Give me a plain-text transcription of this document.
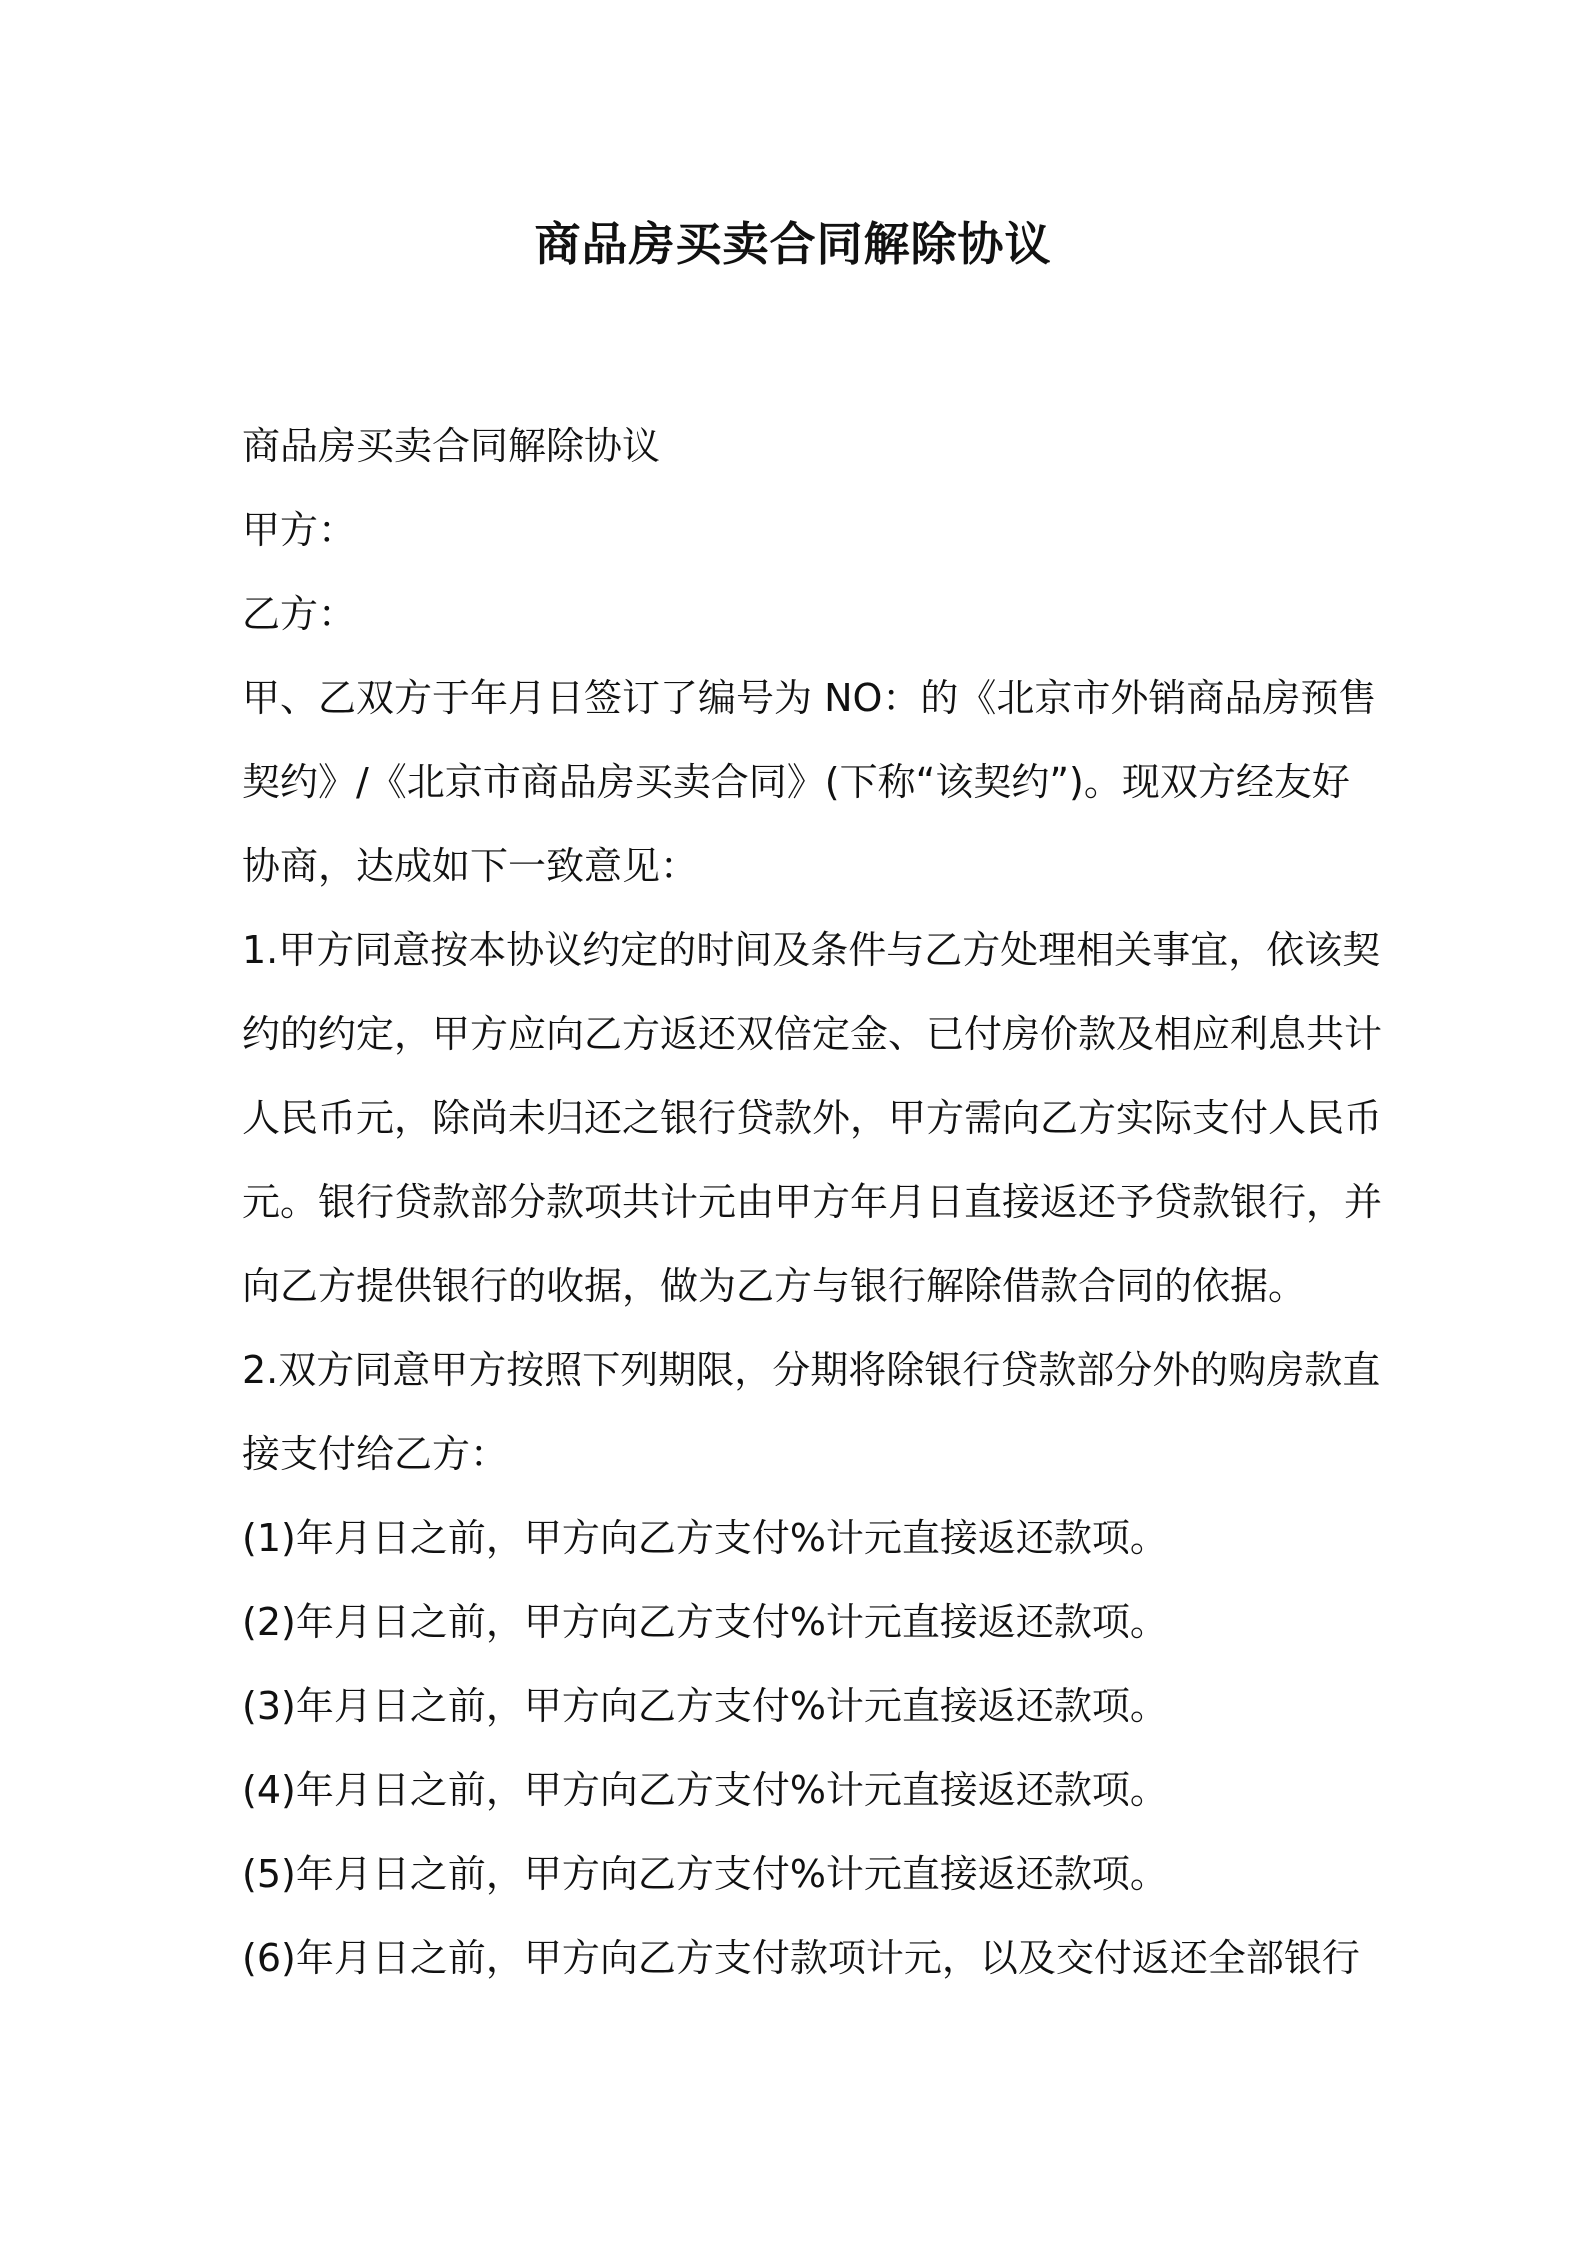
商品房买卖合同解除协议
商品房买卖合同解除协议
甲方：
乙方：
甲、乙双方于年月日签订了编号为 NO：的《北京市外销商品房预售
契约》/《北京市商品房买卖合同》(下称“该契约”)。现双方经友好
协商，达成如下一致意见：
1.甲方同意按本协议约定的时间及条件与乙方处理相关事宜，依该契
约的约定，甲方应向乙方返还双倍定金、已付房价款及相应利息共计
人民币元，除尚未归还之银行贷款外，甲方需向乙方实际支付人民币
元。银行贷款部分款项共计元由甲方年月日直接返还予贷款银行，并
向乙方提供银行的收据，做为乙方与银行解除借款合同的依据。
2.双方同意甲方按照下列期限，分期将除银行贷款部分外的购房款直
接支付给乙方：
(1)年月日之前，甲方向乙方支付%计元直接返还款项。
(2)年月日之前，甲方向乙方支付%计元直接返还款项。
(3)年月日之前，甲方向乙方支付%计元直接返还款项。
(4)年月日之前，甲方向乙方支付%计元直接返还款项。
(5)年月日之前，甲方向乙方支付%计元直接返还款项。
(6)年月日之前，甲方向乙方支付款项计元，以及交付返还全部银行
